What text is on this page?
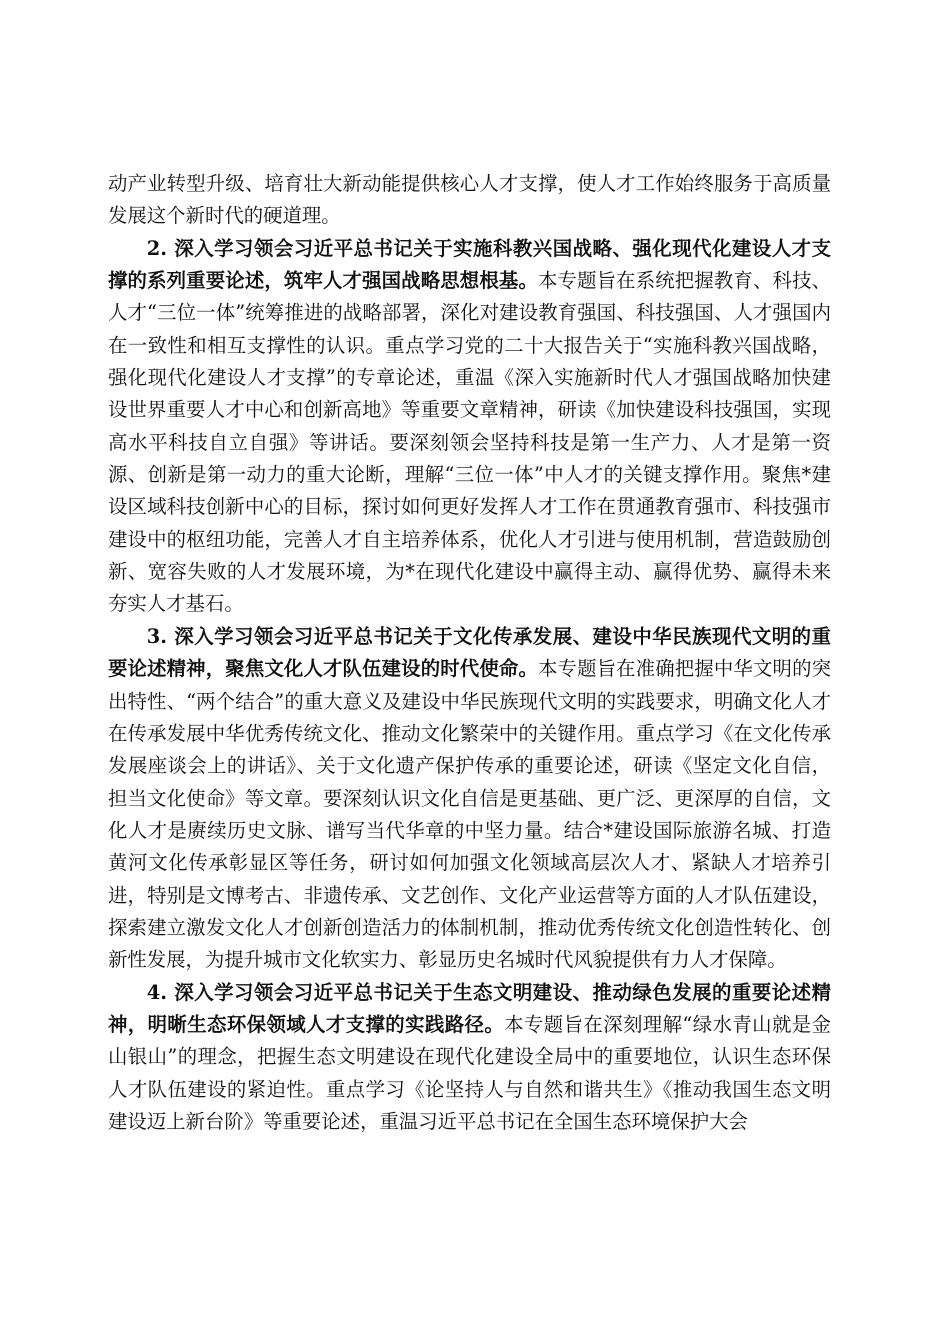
动产业转型升级、培育壮大新动能提供核心人才支撑，使人才工作始终服务于高质量发展这个新时代的硬道理。

2. 深入学习领会习近平总书记关于实施科教兴国战略、强化现代化建设人才支撑的系列重要论述，筑牢人才强国战略思想根基。本专题旨在系统把握教育、科技、人才“三位一体”统筹推进的战略部署，深化对建设教育强国、科技强国、人才强国内在一致性和相互支撑性的认识。重点学习党的二十大报告关于“实施科教兴国战略，强化现代化建设人才支撑”的专章论述，重温《深入实施新时代人才强国战略加快建设世界重要人才中心和创新高地》等重要文章精神，研读《加快建设科技强国，实现高水平科技自立自强》等讲话。要深刻领会坚持科技是第一生产力、人才是第一资源、创新是第一动力的重大论断，理解“三位一体”中人才的关键支撑作用。聚焦*建设区域科技创新中心的目标，探讨如何更好发挥人才工作在贯通教育强市、科技强市建设中的枢纽功能，完善人才自主培养体系，优化人才引进与使用机制，营造鼓励创新、宽容失败的人才发展环境，为*在现代化建设中赢得主动、赢得优势、赢得未来夯实人才基石。

3. 深入学习领会习近平总书记关于文化传承发展、建设中华民族现代文明的重要论述精神，聚焦文化人才队伍建设的时代使命。本专题旨在准确把握中华文明的突出特性、“两个结合”的重大意义及建设中华民族现代文明的实践要求，明确文化人才在传承发展中华优秀传统文化、推动文化繁荣中的关键作用。重点学习《在文化传承发展座谈会上的讲话》、关于文化遗产保护传承的重要论述，研读《坚定文化自信，担当文化使命》等文章。要深刻认识文化自信是更基础、更广泛、更深厚的自信，文化人才是赓续历史文脉、谱写当代华章的中坚力量。结合*建设国际旅游名城、打造黄河文化传承彰显区等任务，研讨如何加强文化领域高层次人才、紧缺人才培养引进，特别是文博考古、非遗传承、文艺创作、文化产业运营等方面的人才队伍建设，探索建立激发文化人才创新创造活力的体制机制，推动优秀传统文化创造性转化、创新性发展，为提升城市文化软实力、彰显历史名城时代风貌提供有力人才保障。

4. 深入学习领会习近平总书记关于生态文明建设、推动绿色发展的重要论述精神，明晰生态环保领域人才支撑的实践路径。本专题旨在深刻理解“绿水青山就是金山银山”的理念，把握生态文明建设在现代化建设全局中的重要地位，认识生态环保人才队伍建设的紧迫性。重点学习《论坚持人与自然和谐共生》《推动我国生态文明建设迈上新台阶》等重要论述，重温习近平总书记在全国生态环境保护大会
